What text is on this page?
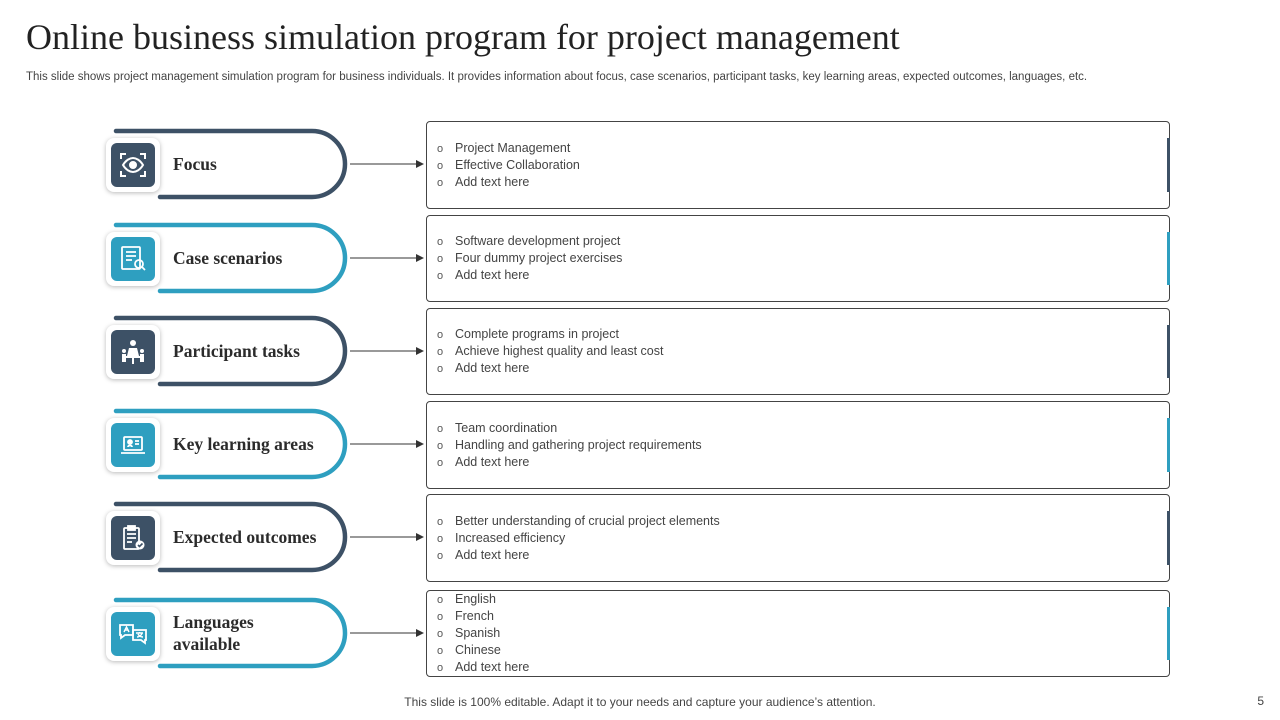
Online business simulation program for project management
This slide shows project management simulation program for business individuals. It provides information about focus, case scenarios, participant tasks, key learning areas, expected outcomes, languages, etc.
Focus
o Project Management
o Effective Collaboration
o Add text here
Case scenarios
o Software development project
o Four dummy project exercises
o Add text here
Participant tasks
o Complete programs in project
o Achieve highest quality and least cost
o Add text here
Key learning areas
o Team coordination
o Handling and gathering project requirements
o Add text here
Expected outcomes
o Better understanding of crucial project elements
o Increased efficiency
o Add text here
Languages available
o English
o French
o Spanish
o Chinese
o Add text here
This slide is 100% editable. Adapt it to your needs and capture your audience’s attention.	5
